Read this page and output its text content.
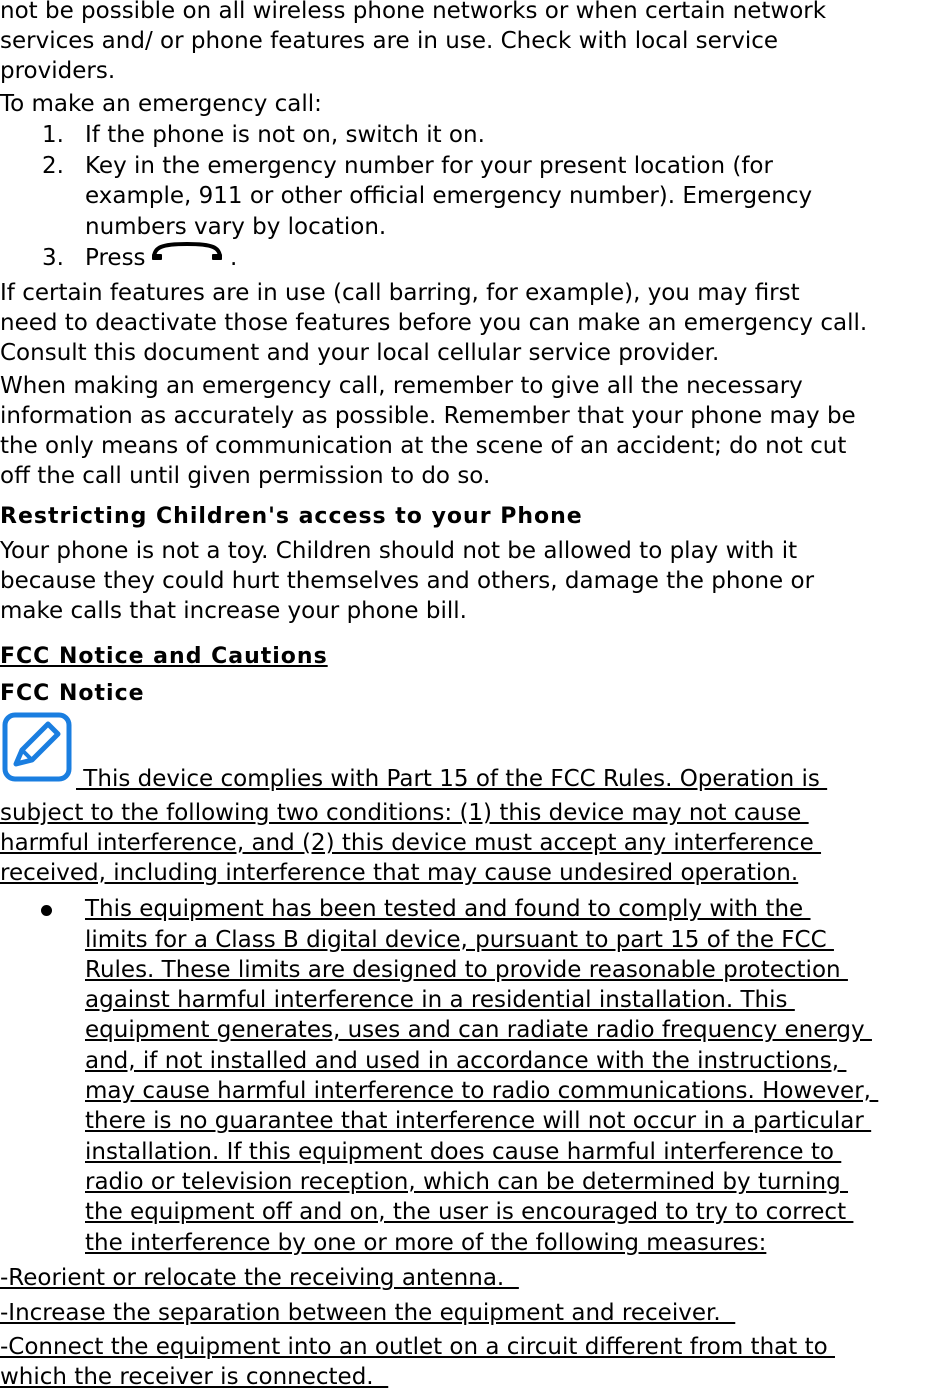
not be possible on all wireless phone networks or when certain network
services and/ or phone features are in use. Check with local service
providers.
To make an emergency call:
1. If the phone is not on, switch it on.
2. Key in the emergency number for your present location (for
example, 911 or other official emergency number). Emergency
numbers vary by location.
3. Press	.
If certain features are in use (call barring, for example), you may first
need to deactivate those features before you can make an emergency call.
Consult this document and your local cellular service provider.
When making an emergency call, remember to give all the necessary
information as accurately as possible. Remember that your phone may be
the only means of communication at the scene of an accident; do not cut
off the call until given permission to do so.
Restricting Children's access to your Phone
Your phone is not a toy. Children should not be allowed to play with it
because they could hurt themselves and others, damage the phone or
make calls that increase your phone bill.
FCC Notice and Cautions
FCC Notice
This device complies with Part 15 of the FCC Rules. Operation is
subject to the following two conditions: (1) this device may not cause
harmful interference, and (2) this device must accept any interference
received, including interference that may cause undesired operation.
This equipment has been tested and found to comply with the
limits for a Class B digital device, pursuant to part 15 of the FCC
Rules. These limits are designed to provide reasonable protection
against harmful interference in a residential installation. This
equipment generates, uses and can radiate radio frequency energy
and, if not installed and used in accordance with the instructions,
may cause harmful interference to radio communications. However,
there is no guarantee that interference will not occur in a particular
installation. If this equipment does cause harmful interference to
radio or television reception, which can be determined by turning
the equipment off and on, the user is encouraged to try to correct
the interference by one or more of the following measures:
-Reorient or relocate the receiving antenna.
-Increase the separation between the equipment and receiver.
-Connect the equipment into an outlet on a circuit different from that to
which the receiver is connected.
